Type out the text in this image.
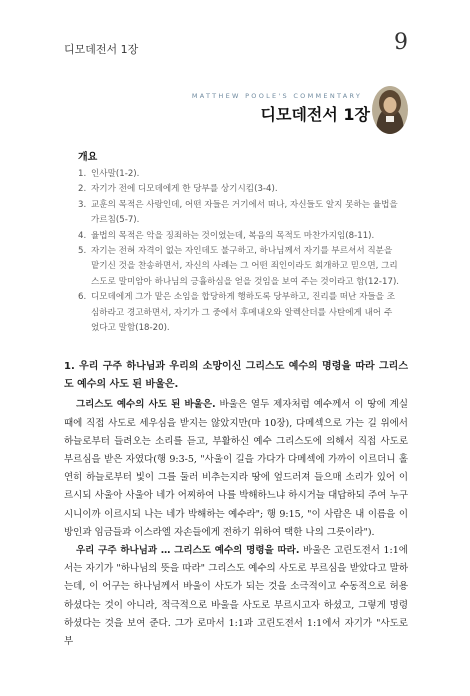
디모데전서 1장	9
MATTHEW POOLE'S COMMENTARY
디모데전서 1장
개요
1. 인사말(1-2).
2. 자기가 전에 디모데에게 한 당부를 상기시킴(3-4).
3. 교훈의 목적은 사랑인데, 어떤 자들은 거기에서 떠나, 자신들도 알지 못하는 율법을 가르침(5-7).
4. 율법의 목적은 악을 징죄하는 것이었는데, 복음의 목적도 마찬가지임(8-11).
5. 자기는 전혀 자격이 없는 자인데도 불구하고, 하나님께서 자기를 부르셔서 직분을 맡기신 것을 찬송하면서, 자신의 사례는 그 어떤 죄인이라도 회개하고 믿으면, 그리스도로 말미암아 하나님의 긍휼하심을 얻을 것임을 보여 주는 것이라고 함(12-17).
6. 디모데에게 그가 맡은 소임을 합당하게 행하도록 당부하고, 진리를 떠난 자들을 조심하라고 경고하면서, 자기가 그 중에서 후메내오와 알렉산더를 사탄에게 내어 주었다고 말함(18-20).

1. 우리 구주 하나님과 우리의 소망이신 그리스도 예수의 명령을 따라 그리스도 예수의 사도 된 바울은.

그리스도 예수의 사도 된 바울은. 바울은 열두 제자처럼 예수께서 이 땅에 계실 때에 직접 사도로 세우심을 받지는 않았지만(마 10장), 다메섹으로 가는 길 위에서 하늘로부터 들려오는 소리를 듣고, 부활하신 예수 그리스도에 의해서 직접 사도로 부르심을 받은 자였다(행 9:3-5, "사울이 길을 가다가 다메섹에 가까이 이르더니 홀연히 하늘로부터 빛이 그를 둘러 비추는지라 땅에 엎드러져 들으매 소리가 있어 이르시되 사울아 사울아 네가 어찌하여 나를 박해하느냐 하시거늘 대답하되 주여 누구시니이까 이르시되 나는 네가 박해하는 예수라"; 행 9:15, "이 사람은 내 이름을 이방인과 임금들과 이스라엘 자손들에게 전하기 위하여 택한 나의 그릇이라").

우리 구주 하나님과 … 그리스도 예수의 명령을 따라. 바울은 고린도전서 1:1에서는 자기가 "하나님의 뜻을 따라" 그리스도 예수의 사도로 부르심을 받았다고 말하는데, 이 어구는 하나님께서 바울이 사도가 되는 것을 소극적이고 수동적으로 허용하셨다는 것이 아니라, 적극적으로 바울을 사도로 부르시고자 하셨고, 그렇게 명령하셨다는 것을 보여 준다. 그가 로마서 1:1과 고린도전서 1:1에서 자기가 "사도로 부
